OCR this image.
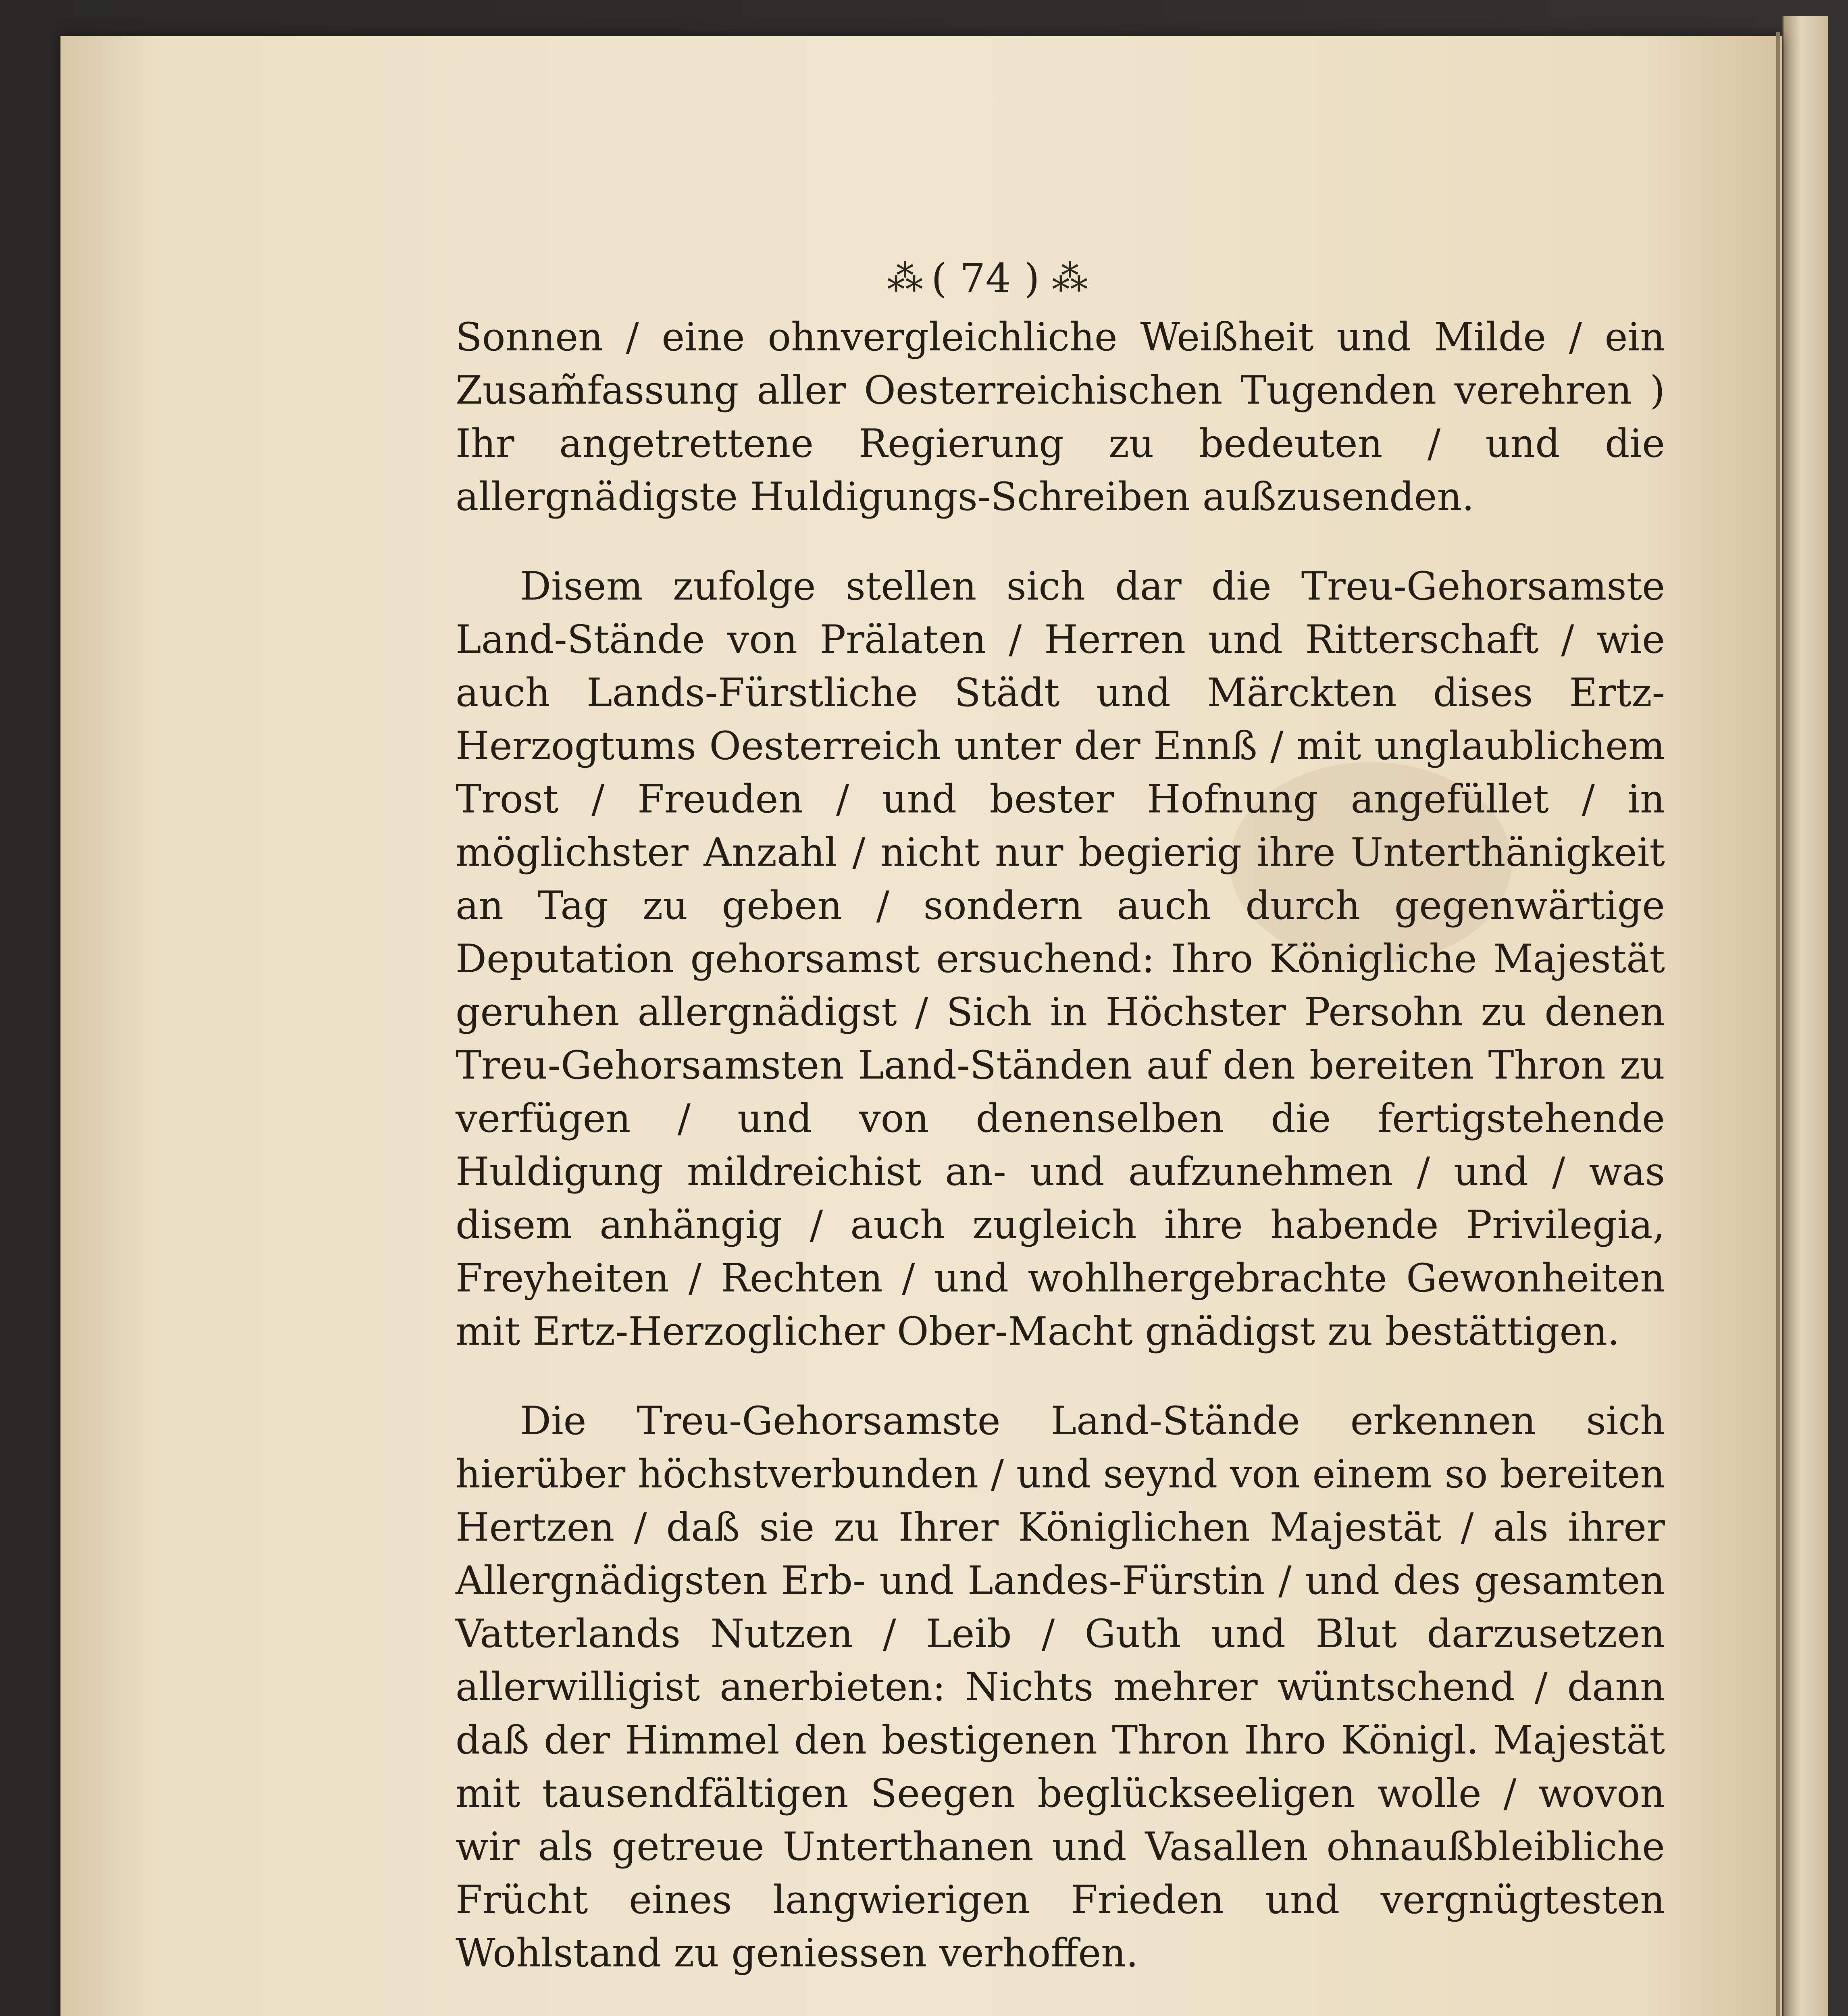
⁂ ( 74 ) ⁂

Sonnen / eine ohnvergleichliche Weißheit und Milde / ein Zusam̃fassung aller Oesterreichischen Tugenden verehren ) Ihr angetrettene Regierung zu bedeuten / und die allergnädigste Huldigungs-Schreiben außzusenden.

Disem zufolge stellen sich dar die Treu-Gehorsamste Land-Stände von Prälaten / Herren und Ritterschaft / wie auch Lands-Fürstliche Städt und Märckten dises Ertz-Herzogtums Oesterreich unter der Ennß / mit unglaublichem Trost / Freuden / und bester Hofnung angefüllet / in möglichster Anzahl / nicht nur begierig ihre Unterthänigkeit an Tag zu geben / sondern auch durch gegenwärtige Deputation gehorsamst ersuchend: Ihro Königliche Majestät geruhen allergnädigst / Sich in Höchster Persohn zu denen Treu-Gehorsamsten Land-Ständen auf den bereiten Thron zu verfügen / und von denenselben die fertigstehende Huldigung mildreichist an- und aufzunehmen / und / was disem anhängig / auch zugleich ihre habende Privilegia, Freyheiten / Rechten / und wohlhergebrachte Gewonheiten mit Ertz-Herzoglicher Ober-Macht gnädigst zu bestättigen.

Die Treu-Gehorsamste Land-Stände erkennen sich hierüber höchstverbunden / und seynd von einem so bereiten Hertzen / daß sie zu Ihrer Königlichen Majestät / als ihrer Allergnädigsten Erb- und Landes-Fürstin / und des gesamten Vatterlands Nutzen / Leib / Guth und Blut darzusetzen allerwilligist anerbieten: Nichts mehrer wüntschend / dann daß der Himmel den bestigenen Thron Ihro Königl. Majestät mit tausendfältigen Seegen beglückseeligen wolle / wovon wir als getreue Unterthanen und Vasallen ohnaußbleibliche Frücht eines langwierigen Frieden und vergnügtesten Wohlstand zu geniessen verhoffen.
